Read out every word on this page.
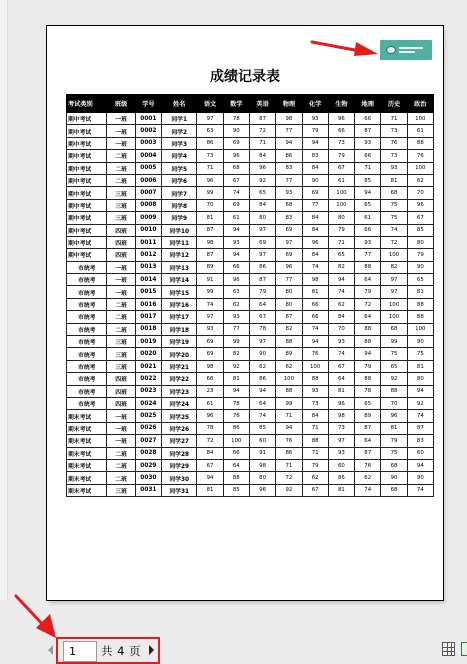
成绩记录表
考试类别	班级	学号	姓名	语文	数学	英语	物理	化学	生物	地理	历史	政治
期中考试	一班	0001	同学1	97	78	87	98	93	96	66	71	100
期中考试	一班	0002	同学2	63	90	72	77	79	66	87	73	61
期中考试	一班	0003	同学3	86	69	71	94	94	73	93	76	88
期中考试	二班	0004	同学4	73	96	84	86	83	79	66	73	76
期中考试	二班	0005	同学5	71	68	96	83	84	67	71	93	100
期中考试	二班	0006	同学6	96	67	92	77	90	61	85	81	62
期中考试	三班	0007	同学7	99	74	65	93	69	100	94	68	70
期中考试	三班	0008	同学8	70	69	84	68	77	100	65	75	96
期中考试	三班	0009	同学9	81	61	80	83	84	80	61	75	67
期中考试	四班	0010	同学10	87	94	97	69	84	79	66	74	85
期中考试	四班	0011	同学11	98	93	69	97	96	71	93	72	80
期中考试	四班	0012	同学12	87	94	97	69	84	65	77	100	79
市统考	一班	0013	同学13	89	66	86	96	74	82	88	82	90
市统考	一班	0014	同学14	91	96	87	77	98	94	64	97	65
市统考	一班	0015	同学15	99	63	79	80	81	74	79	97	81
市统考	二班	0016	同学16	74	62	64	80	66	62	72	100	88
市统考	二班	0017	同学17	97	93	67	87	66	84	64	100	88
市统考	二班	0018	同学18	93	77	78	82	74	70	88	68	100
市统考	三班	0019	同学19	69	99	97	88	94	93	88	99	90
市统考	三班	0020	同学20	69	82	90	89	76	74	94	75	75
市统考	三班	0021	同学21	98	92	62	62	100	67	79	65	81
市统考	四班	0022	同学22	66	81	86	100	88	64	88	92	80
市统考	四班	0023	同学23	23	94	94	88	93	81	78	88	94
市统考	四班	0024	同学24	61	78	64	99	73	96	65	70	92
期末考试	一班	0025	同学25	96	76	74	71	84	98	89	96	74
期末考试	一班	0026	同学26	78	86	85	94	71	73	87	81	87
期末考试	一班	0027	同学27	72	100	60	76	88	97	64	79	83
期末考试	二班	0028	同学28	84	66	91	86	71	93	87	75	60
期末考试	二班	0029	同学29	67	64	98	71	79	60	76	68	94
期末考试	二班	0030	同学30	94	88	80	72	62	86	62	90	90
期末考试	三班	0031	同学31	81	85	96	92	67	81	74	68	74
1
共 4 页
